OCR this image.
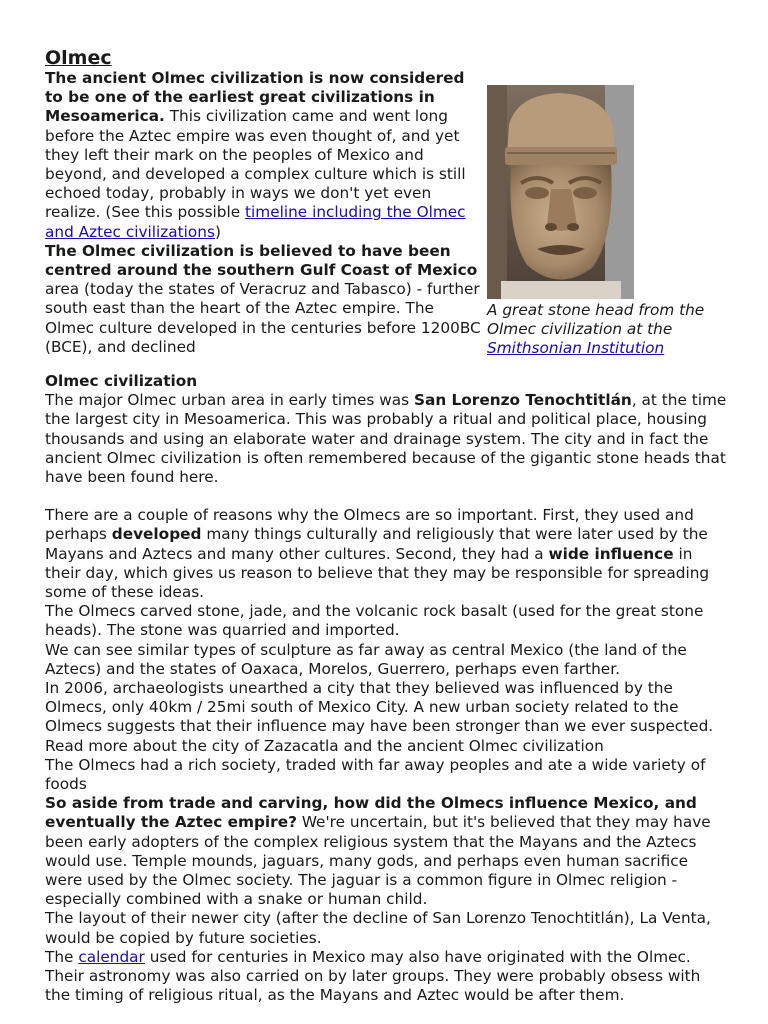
Olmec

The ancient Olmec civilization is now considered to be one of the earliest great civilizations in Mesoamerica. This civilization came and went long before the Aztec empire was even thought of, and yet they left their mark on the peoples of Mexico and beyond, and developed a complex culture which is still echoed today, probably in ways we don't yet even realize. (See this possible timeline including the Olmec and Aztec civilizations)

The Olmec civilization is believed to have been centred around the southern Gulf Coast of Mexico area (today the states of Veracruz and Tabasco) - further south east than the heart of the Aztec empire. The Olmec culture developed in the centuries before 1200BC (BCE), and declined

A great stone head from the Olmec civilization at the Smithsonian Institution

Olmec civilization

The major Olmec urban area in early times was San Lorenzo Tenochtitlán, at the time the largest city in Mesoamerica. This was probably a ritual and political place, housing thousands and using an elaborate water and drainage system. The city and in fact the ancient Olmec civilization is often remembered because of the gigantic stone heads that have been found here.

There are a couple of reasons why the Olmecs are so important. First, they used and perhaps developed many things culturally and religiously that were later used by the Mayans and Aztecs and many other cultures. Second, they had a wide influence in their day, which gives us reason to believe that they may be responsible for spreading some of these ideas.

The Olmecs carved stone, jade, and the volcanic rock basalt (used for the great stone heads). The stone was quarried and imported.

We can see similar types of sculpture as far away as central Mexico (the land of the Aztecs) and the states of Oaxaca, Morelos, Guerrero, perhaps even farther.

In 2006, archaeologists unearthed a city that they believed was influenced by the Olmecs, only 40km / 25mi south of Mexico City. A new urban society related to the Olmecs suggests that their influence may have been stronger than we ever suspected. Read more about the city of Zazacatla and the ancient Olmec civilization

The Olmecs had a rich society, traded with far away peoples and ate a wide variety of foods

So aside from trade and carving, how did the Olmecs influence Mexico, and eventually the Aztec empire? We're uncertain, but it's believed that they may have been early adopters of the complex religious system that the Mayans and the Aztecs would use. Temple mounds, jaguars, many gods, and perhaps even human sacrifice were used by the Olmec society. The jaguar is a common figure in Olmec religion - especially combined with a snake or human child.

The layout of their newer city (after the decline of San Lorenzo Tenochtitlán), La Venta, would be copied by future societies.

The calendar used for centuries in Mexico may also have originated with the Olmec. Their astronomy was also carried on by later groups. They were probably obsess with the timing of religious ritual, as the Mayans and Aztec would be after them.
